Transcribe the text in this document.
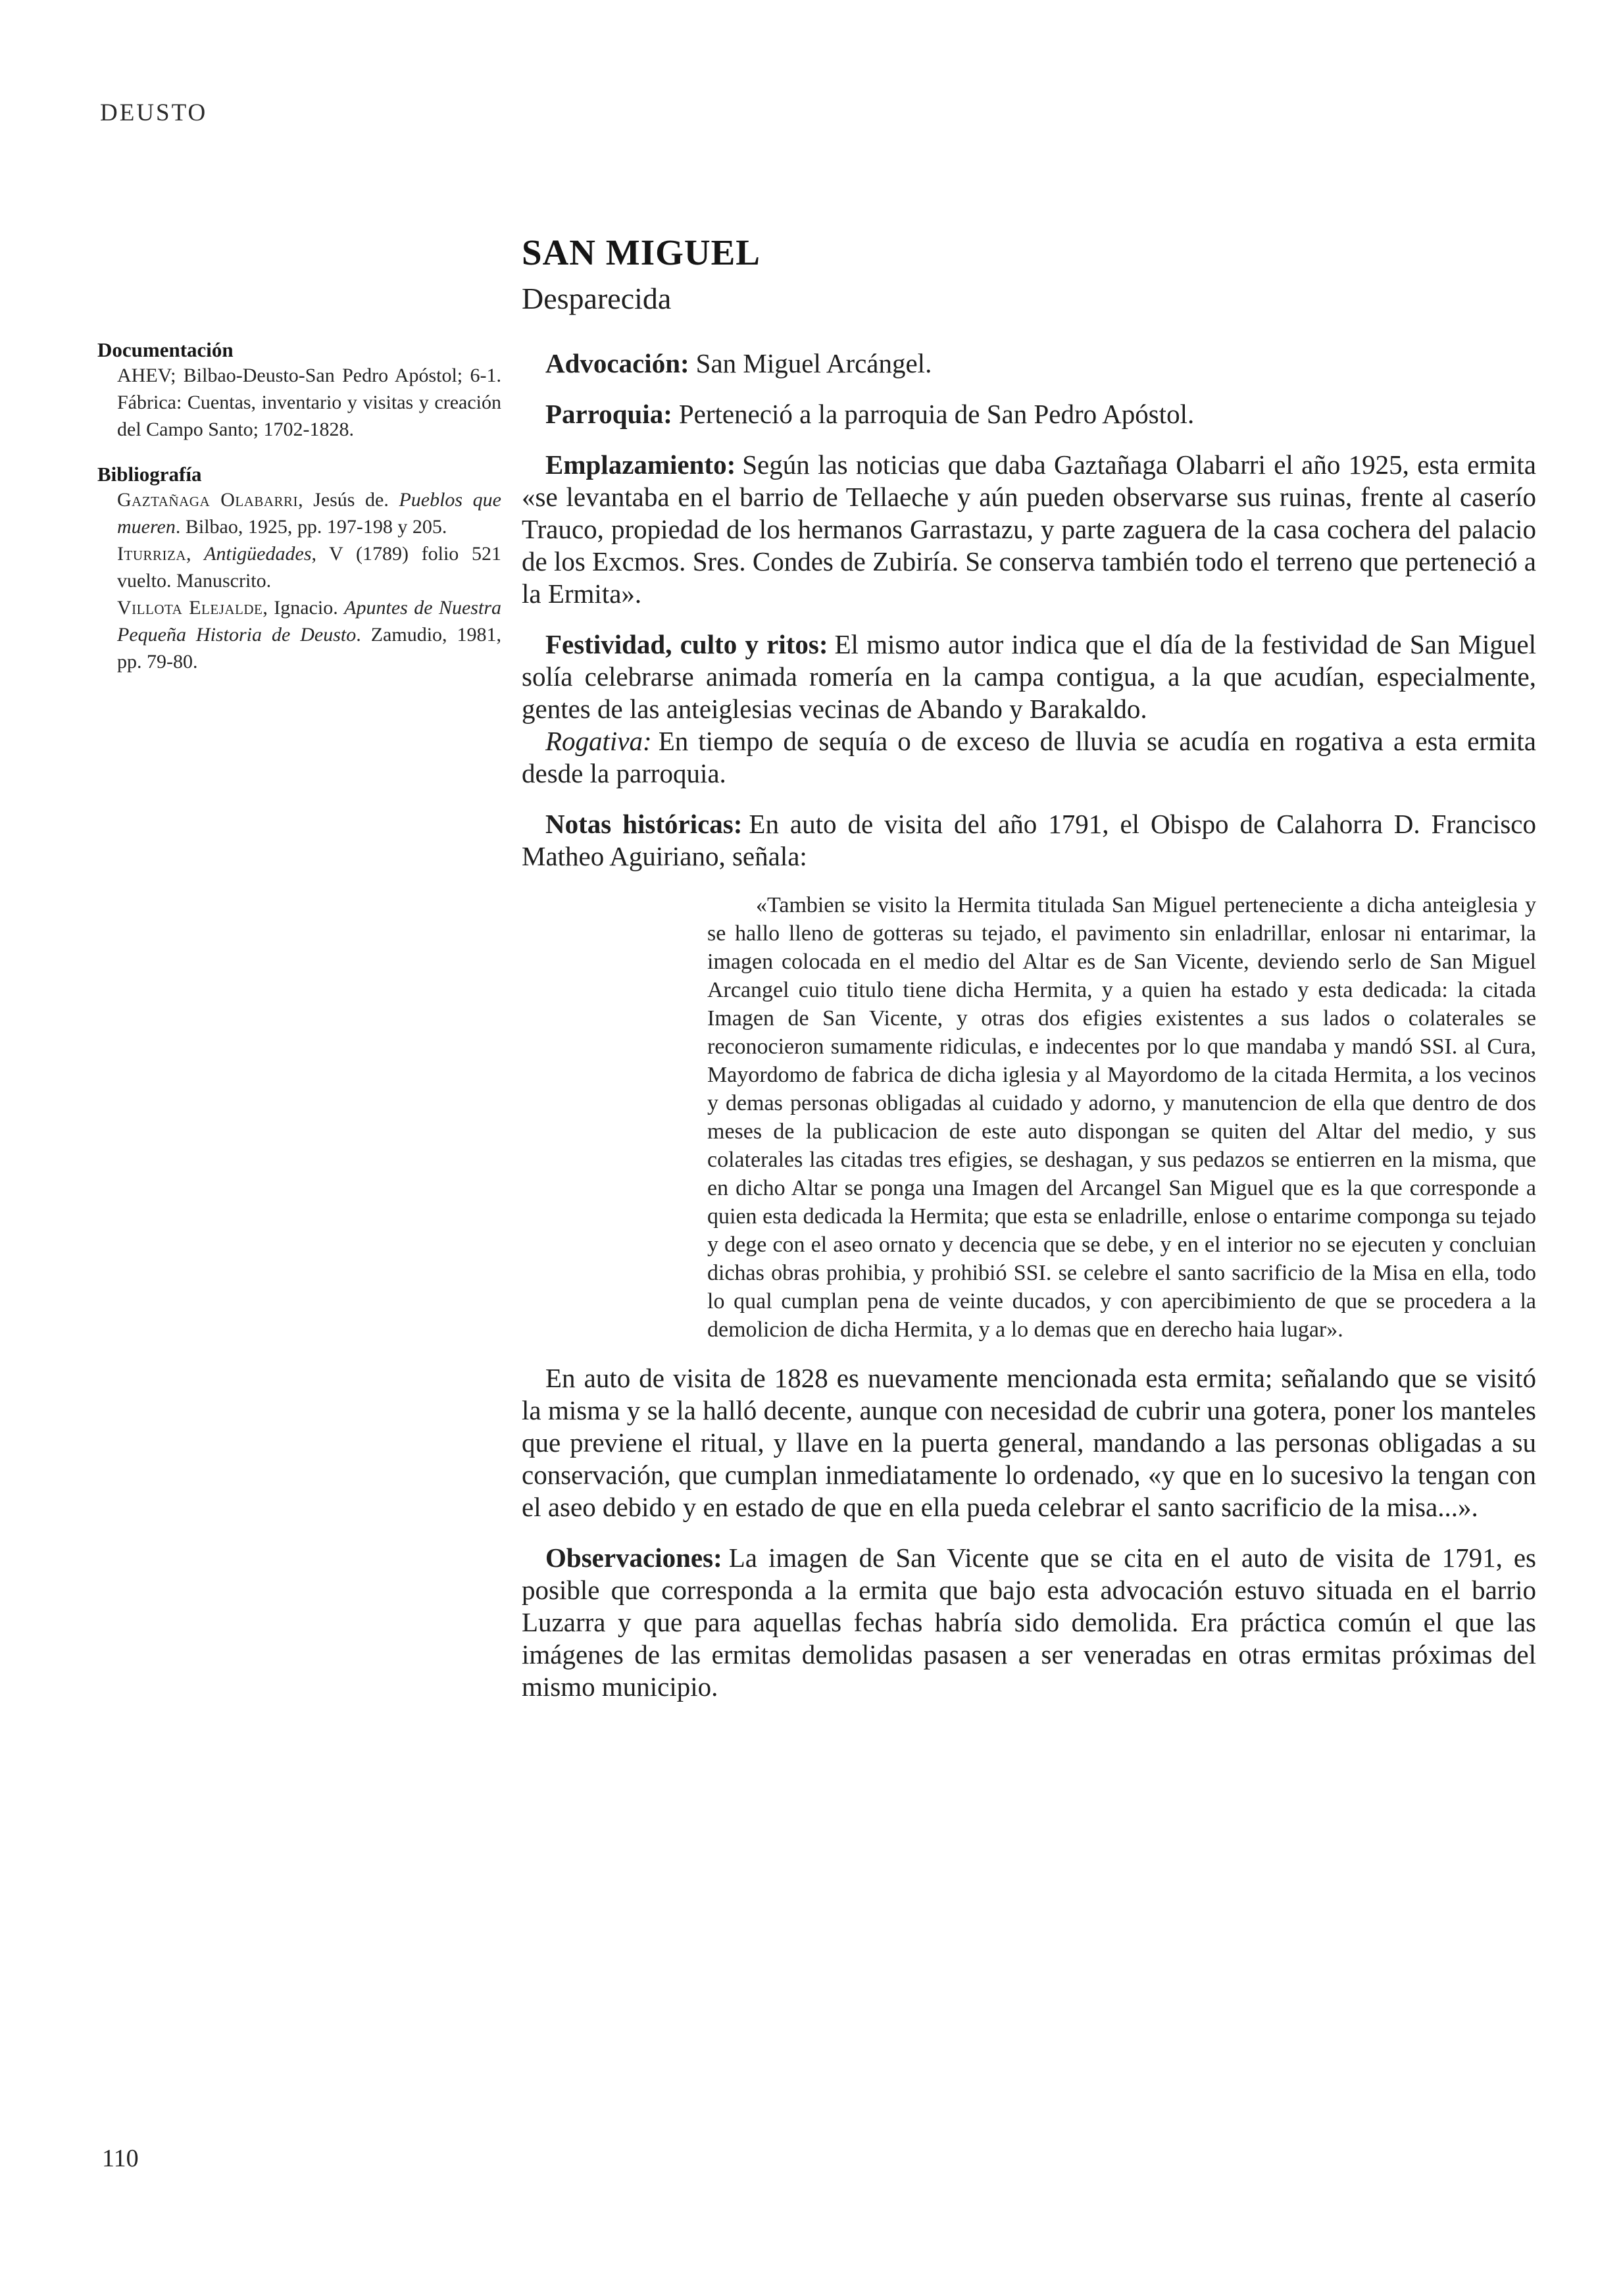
DEUSTO
SAN MIGUEL

Desparecida

Documentación

AHEV; Bilbao-Deusto-San Pedro Apóstol; 6-1. Fábrica: Cuentas, inventario y visitas y creación del Campo Santo; 1702-1828.

Bibliografía

Gaztañaga Olabarri, Jesús de. Pueblos que mueren. Bilbao, 1925, pp. 197-198 y 205.

Iturriza, Antigüedades, V (1789) folio 521 vuelto. Manuscrito.

Villota Elejalde, Ignacio. Apuntes de Nuestra Pequeña Historia de Deusto. Zamudio, 1981, pp. 79-80.

Advocación: San Miguel Arcángel.

Parroquia: Perteneció a la parroquia de San Pedro Apóstol.

Emplazamiento: Según las noticias que daba Gaztañaga Olabarri el año 1925, esta ermita «se levantaba en el barrio de Tellaeche y aún pueden observarse sus ruinas, frente al caserío Trauco, propiedad de los hermanos Garrastazu, y parte zaguera de la casa cochera del palacio de los Excmos. Sres. Condes de Zubiría. Se conserva también todo el terreno que perteneció a la Ermita».

Festividad, culto y ritos: El mismo autor indica que el día de la festividad de San Miguel solía celebrarse animada romería en la campa contigua, a la que acudían, especialmente, gentes de las anteiglesias vecinas de Abando y Barakaldo.

Rogativa: En tiempo de sequía o de exceso de lluvia se acudía en rogativa a esta ermita desde la parroquia.

Notas históricas: En auto de visita del año 1791, el Obispo de Calahorra D. Francisco Matheo Aguiriano, señala:

«Tambien se visito la Hermita titulada San Miguel perteneciente a dicha anteiglesia y se hallo lleno de gotteras su tejado, el pavimento sin enladrillar, enlosar ni entarimar, la imagen colocada en el medio del Altar es de San Vicente, deviendo serlo de San Miguel Arcangel cuio titulo tiene dicha Hermita, y a quien ha estado y esta dedicada: la citada Imagen de San Vicente, y otras dos efigies existentes a sus lados o colaterales se reconocieron sumamente ridiculas, e indecentes por lo que mandaba y mandó SSI. al Cura, Mayordomo de fabrica de dicha iglesia y al Mayordomo de la citada Hermita, a los vecinos y demas personas obligadas al cuidado y adorno, y manutencion de ella que dentro de dos meses de la publicacion de este auto dispongan se quiten del Altar del medio, y sus colaterales las citadas tres efigies, se deshagan, y sus pedazos se entierren en la misma, que en dicho Altar se ponga una Imagen del Arcangel San Miguel que es la que corresponde a quien esta dedicada la Hermita; que esta se enladrille, enlose o entarime componga su tejado y dege con el aseo ornato y decencia que se debe, y en el interior no se ejecuten y concluian dichas obras prohibia, y prohibió SSI. se celebre el santo sacrificio de la Misa en ella, todo lo qual cumplan pena de veinte ducados, y con apercibimiento de que se procedera a la demolicion de dicha Hermita, y a lo demas que en derecho haia lugar».

En auto de visita de 1828 es nuevamente mencionada esta ermita; señalando que se visitó la misma y se la halló decente, aunque con necesidad de cubrir una gotera, poner los manteles que previene el ritual, y llave en la puerta general, mandando a las personas obligadas a su conservación, que cumplan inmediatamente lo ordenado, «y que en lo sucesivo la tengan con el aseo debido y en estado de que en ella pueda celebrar el santo sacrificio de la misa...».

Observaciones: La imagen de San Vicente que se cita en el auto de visita de 1791, es posible que corresponda a la ermita que bajo esta advocación estuvo situada en el barrio Luzarra y que para aquellas fechas habría sido demolida. Era práctica común el que las imágenes de las ermitas demolidas pasasen a ser veneradas en otras ermitas próximas del mismo municipio.

110
